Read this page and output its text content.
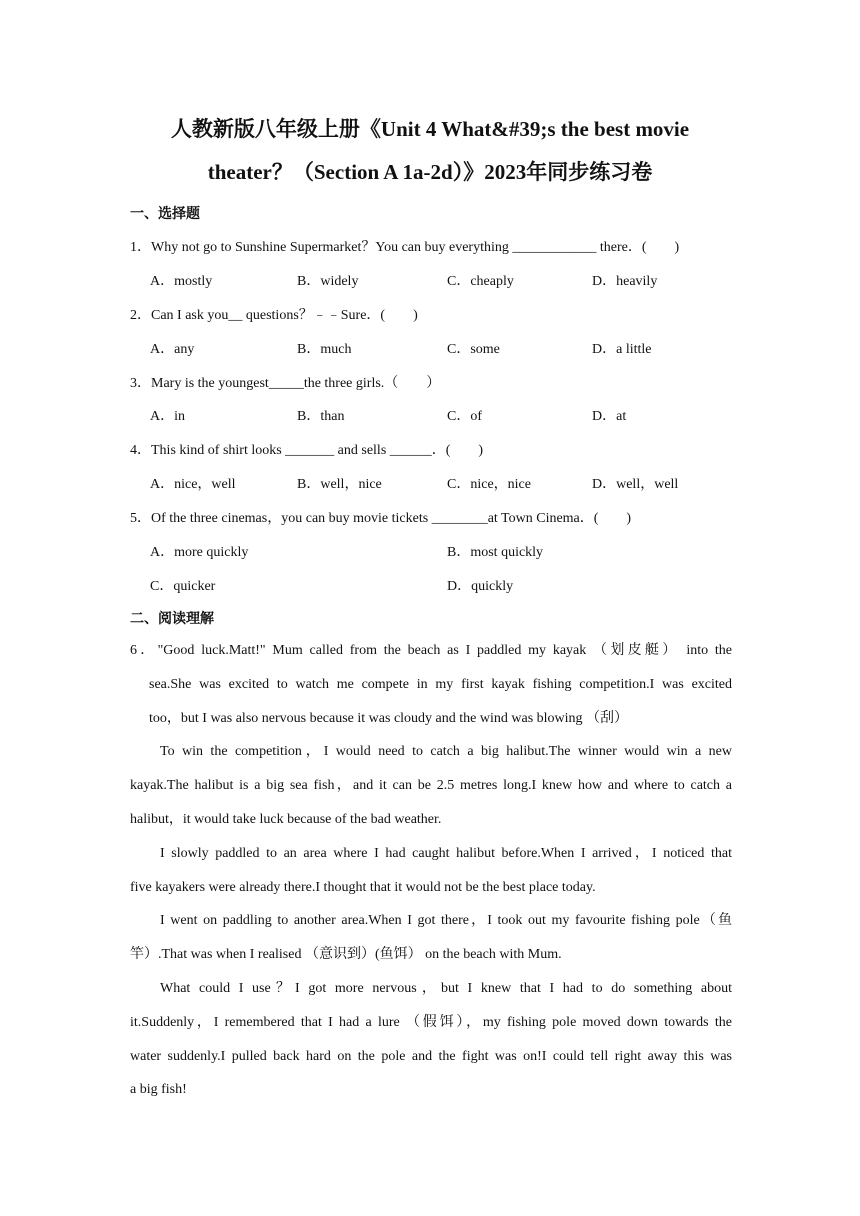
人教新版八年级上册《Unit 4 What&#39;s the best movie
theater？（Section A 1a-2d）》2023年同步练习卷
一、选择题
1．Why not go to Sunshine Supermarket？You can buy everything ____________ there．(　　)
A．mostly	B．widely	C．cheaply	D．heavily
2．Can I ask you__ questions？﹣﹣Sure．(　　)
A．any	B．much	C．some	D．a little
3．Mary is the youngest_____the three girls.（　　）
A．in	B．than	C．of	D．at
4．This kind of shirt looks _______ and sells ______．(　　)
A．nice，well	B．well，nice	C．nice，nice	D．well，well
5．Of the three cinemas，you can buy movie tickets ________at Town Cinema．(　　)
A．more quickly	B．most quickly
C．quicker	D．quickly
二、阅读理解
6．"Good luck.Matt!" Mum called from the beach as I paddled my kayak （划皮艇） into the
sea.She was excited to watch me compete in my first kayak fishing competition.I was excited
too，but I was also nervous because it was cloudy and the wind was blowing （刮）
To win the competition，I would need to catch a big halibut.The winner would win a new
kayak.The halibut is a big sea fish，and it can be 2.5 metres long.I knew how and where to catch a
halibut，it would take luck because of the bad weather.
I slowly paddled to an area where I had caught halibut before.When I arrived，I noticed that
five kayakers were already there.I thought that it would not be the best place today.
I went on paddling to another area.When I got there，I took out my favourite fishing pole（鱼
竿）.That was when I realised （意识到）(鱼饵） on the beach with Mum.
What could I use？I got more nervous，but I knew that I had to do something about
it.Suddenly，I remembered that I had a lure （假饵），my fishing pole moved down towards the
water suddenly.I pulled back hard on the pole and the fight was on!I could tell right away this was
a big fish!
